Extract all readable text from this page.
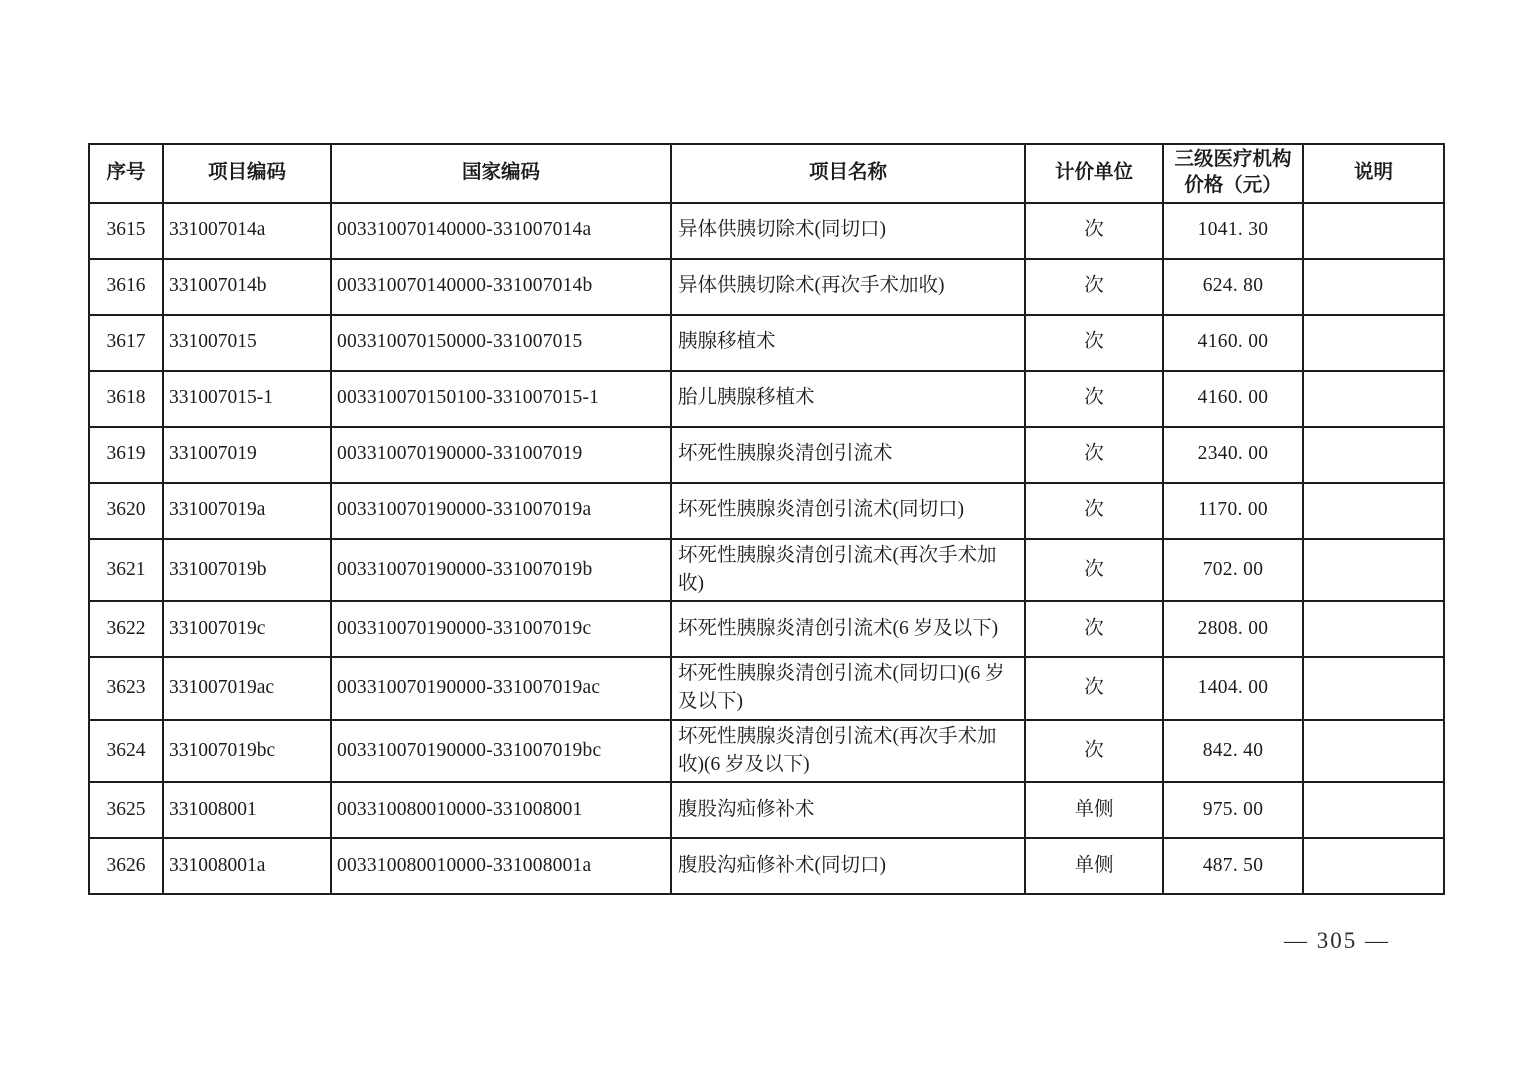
序号	项目编码	国家编码	项目名称	计价单位	三级医疗机构价格（元）	说明
3615	331007014a	003310070140000-331007014a	异体供胰切除术(同切口)	次	1041. 30	
3616	331007014b	003310070140000-331007014b	异体供胰切除术(再次手术加收)	次	624. 80	
3617	331007015	003310070150000-331007015	胰腺移植术	次	4160. 00	
3618	331007015-1	003310070150100-331007015-1	胎儿胰腺移植术	次	4160. 00	
3619	331007019	003310070190000-331007019	坏死性胰腺炎清创引流术	次	2340. 00	
3620	331007019a	003310070190000-331007019a	坏死性胰腺炎清创引流术(同切口)	次	1170. 00	
3621	331007019b	003310070190000-331007019b	坏死性胰腺炎清创引流术(再次手术加收)	次	702. 00	
3622	331007019c	003310070190000-331007019c	坏死性胰腺炎清创引流术(6 岁及以下)	次	2808. 00	
3623	331007019ac	003310070190000-331007019ac	坏死性胰腺炎清创引流术(同切口)(6 岁及以下)	次	1404. 00	
3624	331007019bc	003310070190000-331007019bc	坏死性胰腺炎清创引流术(再次手术加收)(6 岁及以下)	次	842. 40	
3625	331008001	003310080010000-331008001	腹股沟疝修补术	单侧	975. 00	
3626	331008001a	003310080010000-331008001a	腹股沟疝修补术(同切口)	单侧	487. 50	
— 305 —
